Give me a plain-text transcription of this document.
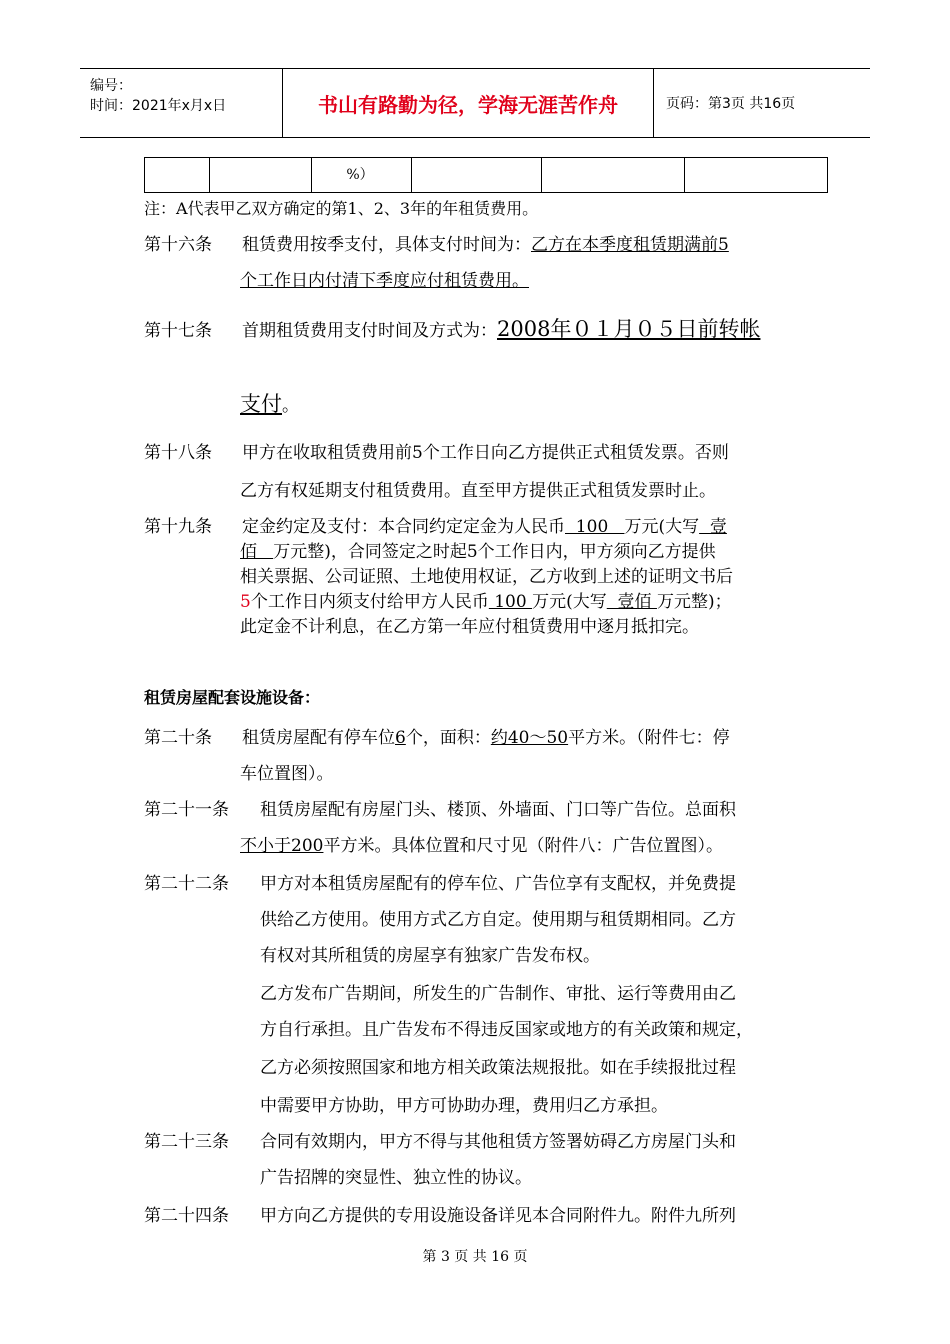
编号：
时间：2021年x月x日	书山有路勤为径，学海无涯苦作舟	页码：第3页 共16页
%）
注：A代表甲乙双方确定的第1、2、3年的年租赁费用。
第十六条 租赁费用按季支付，具体支付时间为：乙方在本季度租赁期满前5
个工作日内付清下季度应付租赁费用。
第十七条 首期租赁费用支付时间及方式为：2008年０１月０５日前转帐
支付。
第十八条 甲方在收取租赁费用前5个工作日向乙方提供正式租赁发票。否则
乙方有权延期支付租赁费用。直至甲方提供正式租赁发票时止。
第十九条 定金约定及支付：本合同约定定金为人民币  100   万元(大写  壹
佰   万元整)，合同签定之时起5个工作日内，甲方须向乙方提供
相关票据、公司证照、土地使用权证，乙方收到上述的证明文书后
5个工作日内须支付给甲方人民币 100 万元(大写  壹佰 万元整)；
此定金不计利息，在乙方第一年应付租赁费用中逐月抵扣完。
租赁房屋配套设施设备：
第二十条 租赁房屋配有停车位6个，面积：约40～50平方米。（附件七：停
车位置图）。
第二十一条 租赁房屋配有房屋门头、楼顶、外墙面、门口等广告位。总面积
不小于200平方米。具体位置和尺寸见（附件八：广告位置图）。
第二十二条 甲方对本租赁房屋配有的停车位、广告位享有支配权，并免费提
供给乙方使用。使用方式乙方自定。使用期与租赁期相同。乙方
有权对其所租赁的房屋享有独家广告发布权。
乙方发布广告期间，所发生的广告制作、审批、运行等费用由乙
方自行承担。且广告发布不得违反国家或地方的有关政策和规定，
乙方必须按照国家和地方相关政策法规报批。如在手续报批过程
中需要甲方协助，甲方可协助办理，费用归乙方承担。
第二十三条 合同有效期内，甲方不得与其他租赁方签署妨碍乙方房屋门头和
广告招牌的突显性、独立性的协议。
第二十四条 甲方向乙方提供的专用设施设备详见本合同附件九。附件九所列
第 3 页 共 16 页
